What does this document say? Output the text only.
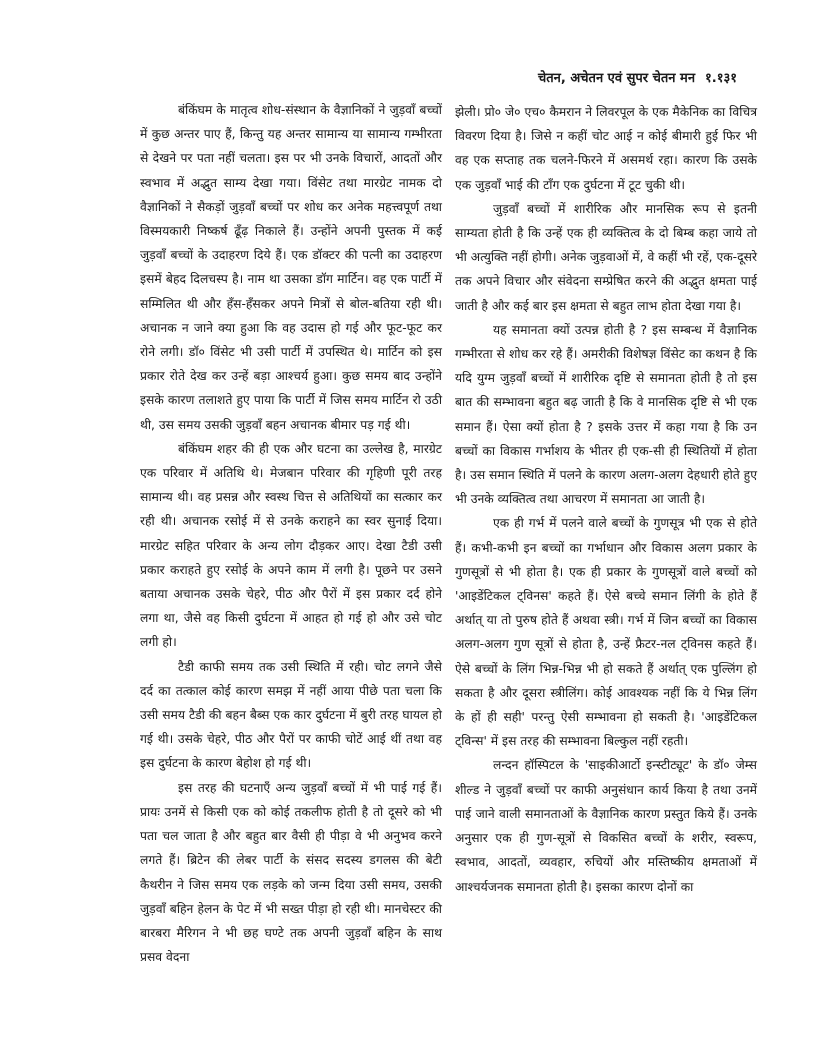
चेतन, अचेतन एवं सुपर चेतन मन १.१३१

बंकिंघम के मातृत्व शोध-संस्थान के वैज्ञानिकों ने जुड़वाँ बच्चों में कुछ अन्तर पाए हैं, किन्तु यह अन्तर सामान्य या सामान्य गम्भीरता से देखने पर पता नहीं चलता। इस पर भी उनके विचारों, आदतों और स्वभाव में अद्भुत साम्य देखा गया। विंसेट तथा मारग्रेट नामक दो वैज्ञानिकों ने सैकड़ों जुड़वाँ बच्चों पर शोध कर अनेक महत्त्वपूर्ण तथा विस्मयकारी निष्कर्ष ढूँढ़ निकाले हैं। उन्होंने अपनी पुस्तक में कई जुड़वाँ बच्चों के उदाहरण दिये हैं। एक डॉक्टर की पत्नी का उदाहरण इसमें बेहद दिलचस्प है। नाम था उसका डॉग मार्टिन। वह एक पार्टी में सम्मिलित थी और हँस-हँसकर अपने मित्रों से बोल-बतिया रही थी। अचानक न जाने क्या हुआ कि वह उदास हो गई और फूट-फूट कर रोने लगी। डॉ० विंसेट भी उसी पार्टी में उपस्थित थे। मार्टिन को इस प्रकार रोते देख कर उन्हें बड़ा आश्चर्य हुआ। कुछ समय बाद उन्होंने इसके कारण तलाशते हुए पाया कि पार्टी में जिस समय मार्टिन रो उठी थी, उस समय उसकी जुड़वाँ बहन अचानक बीमार पड़ गई थी।

बंकिंघम शहर की ही एक और घटना का उल्लेख है, मारग्रेट एक परिवार में अतिथि थे। मेजबान परिवार की गृहिणी पूरी तरह सामान्य थी। वह प्रसन्न और स्वस्थ चित्त से अतिथियों का सत्कार कर रही थी। अचानक रसोई में से उनके कराहने का स्वर सुनाई दिया। मारग्रेट सहित परिवार के अन्य लोग दौड़कर आए। देखा टैडी उसी प्रकार कराहते हुए रसोई के अपने काम में लगी है। पूछने पर उसने बताया अचानक उसके चेहरे, पीठ और पैरों में इस प्रकार दर्द होने लगा था, जैसे वह किसी दुर्घटना में आहत हो गई हो और उसे चोट लगी हो।

टैडी काफी समय तक उसी स्थिति में रही। चोट लगने जैसे दर्द का तत्काल कोई कारण समझ में नहीं आया पीछे पता चला कि उसी समय टैडी की बहन बैब्स एक कार दुर्घटना में बुरी तरह घायल हो गई थी। उसके चेहरे, पीठ और पैरों पर काफी चोटें आई थीं तथा वह इस दुर्घटना के कारण बेहोश हो गई थी।

इस तरह की घटनाएँ अन्य जुड़वाँ बच्चों में भी पाई गई हैं। प्रायः उनमें से किसी एक को कोई तकलीफ होती है तो दूसरे को भी पता चल जाता है और बहुत बार वैसी ही पीड़ा वे भी अनुभव करने लगते हैं। ब्रिटेन की लेबर पार्टी के संसद सदस्य डगलस की बेटी कैथरीन ने जिस समय एक लड़के को जन्म दिया उसी समय, उसकी जुड़वाँ बहिन हेलन के पेट में भी सख्त पीड़ा हो रही थी। मानचेस्टर की बारबरा मैरिगन ने भी छह घण्टे तक अपनी जुड़वाँ बहिन के साथ प्रसव वेदना

झेली। प्रो० जे० एच० कैमरान ने लिवरपूल के एक मैकेनिक का विचित्र विवरण दिया है। जिसे न कहीं चोट आई न कोई बीमारी हुई फिर भी वह एक सप्ताह तक चलने-फिरने में असमर्थ रहा। कारण कि उसके एक जुड़वाँ भाई की टाँग एक दुर्घटना में टूट चुकी थी।

जुड़वाँ बच्चों में शारीरिक और मानसिक रूप से इतनी साम्यता होती है कि उन्हें एक ही व्यक्तित्व के दो बिम्ब कहा जाये तो भी अत्युक्ति नहीं होगी। अनेक जुड़वाओं में, वे कहीं भी रहें, एक-दूसरे तक अपने विचार और संवेदना सम्प्रेषित करने की अद्भुत क्षमता पाई जाती है और कई बार इस क्षमता से बहुत लाभ होता देखा गया है।

यह समानता क्यों उत्पन्न होती है ? इस सम्बन्ध में वैज्ञानिक गम्भीरता से शोध कर रहे हैं। अमरीकी विशेषज्ञ विंसेट का कथन है कि यदि युग्म जुड़वाँ बच्चों में शारीरिक दृष्टि से समानता होती है तो इस बात की सम्भावना बहुत बढ़ जाती है कि वे मानसिक दृष्टि से भी एक समान हैं। ऐसा क्यों होता है ? इसके उत्तर में कहा गया है कि उन बच्चों का विकास गर्भाशय के भीतर ही एक-सी ही स्थितियों में होता है। उस समान स्थिति में पलने के कारण अलग-अलग देहधारी होते हुए भी उनके व्यक्तित्व तथा आचरण में समानता आ जाती है।

एक ही गर्भ में पलने वाले बच्चों के गुणसूत्र भी एक से होते हैं। कभी-कभी इन बच्चों का गर्भाधान और विकास अलग प्रकार के गुणसूत्रों से भी होता है। एक ही प्रकार के गुणसूत्रों वाले बच्चों को 'आइडेंटिकल ट्विनस' कहते हैं। ऐसे बच्चे समान लिंगी के होते हैं अर्थात् या तो पुरुष होते हैं अथवा स्त्री। गर्भ में जिन बच्चों का विकास अलग-अलग गुण सूत्रों से होता है, उन्हें फ्रैटर-नल ट्विनस कहते हैं। ऐसे बच्चों के लिंग भिन्न-भिन्न भी हो सकते हैं अर्थात् एक पुल्लिंग हो सकता है और दूसरा स्त्रीलिंग। कोई आवश्यक नहीं कि ये भिन्न लिंग के हों ही सही' परन्तु ऐसी सम्भावना हो सकती है। 'आइडेंटिकल ट्विन्स' में इस तरह की सम्भावना बिल्कुल नहीं रहती।

लन्दन हॉस्पिटल के 'साइकीआर्टो इन्स्टीट्यूट' के डॉ० जेम्स शील्ड ने जुड़वाँ बच्चों पर काफी अनुसंधान कार्य किया है तथा उनमें पाई जाने वाली समानताओं के वैज्ञानिक कारण प्रस्तुत किये हैं। उनके अनुसार एक ही गुण-सूत्रों से विकसित बच्चों के शरीर, स्वरूप, स्वभाव, आदतों, व्यवहार, रुचियों और मस्तिष्कीय क्षमताओं में आश्चर्यजनक समानता होती है। इसका कारण दोनों का
